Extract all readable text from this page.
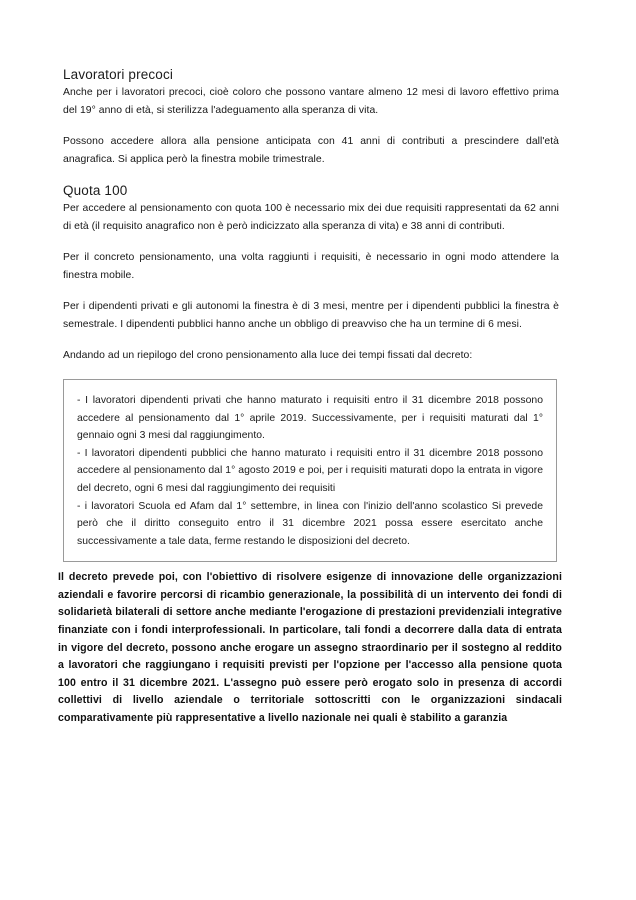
Lavoratori precoci

Anche per i lavoratori precoci, cioè coloro che possono vantare almeno 12 mesi di lavoro effettivo prima del 19° anno di età, si sterilizza l'adeguamento alla speranza di vita.

Possono accedere allora alla pensione anticipata con 41 anni di contributi a prescindere dall'età anagrafica. Si applica però la finestra mobile trimestrale.

Quota 100

Per accedere al pensionamento con quota 100 è necessario mix dei due requisiti rappresentati da 62 anni di età (il requisito anagrafico non è però indicizzato alla speranza di vita) e 38 anni di contributi.

Per il concreto pensionamento, una volta raggiunti i requisiti, è necessario in ogni modo attendere la finestra mobile.

Per i dipendenti privati e gli autonomi la finestra è di 3 mesi, mentre per i dipendenti pubblici la finestra è semestrale. I dipendenti pubblici hanno anche un obbligo di preavviso che ha un termine di 6 mesi.

Andando ad un riepilogo del crono pensionamento alla luce dei tempi fissati dal decreto:

- I lavoratori dipendenti privati che hanno maturato i requisiti entro il 31 dicembre 2018 possono accedere al pensionamento dal 1° aprile 2019. Successivamente, per i requisiti maturati dal 1° gennaio ogni 3 mesi dal raggiungimento.

- I lavoratori dipendenti pubblici che hanno maturato i requisiti entro il 31 dicembre 2018 possono accedere al pensionamento dal 1° agosto 2019 e poi, per i requisiti maturati dopo la entrata in vigore del decreto, ogni 6 mesi dal raggiungimento dei requisiti

- i lavoratori Scuola ed Afam dal 1° settembre, in linea con l'inizio dell'anno scolastico Si prevede però che il diritto conseguito entro il 31 dicembre 2021 possa essere esercitato anche successivamente a tale data, ferme restando le disposizioni del decreto.

Il decreto prevede poi, con l'obiettivo di risolvere esigenze di innovazione delle organizzazioni aziendali e favorire percorsi di ricambio generazionale, la possibilità di un intervento dei fondi di solidarietà bilaterali di settore anche mediante l'erogazione di prestazioni previdenziali integrative finanziate con i fondi interprofessionali. In particolare, tali fondi a decorrere dalla data di entrata in vigore del decreto, possono anche erogare un assegno straordinario per il sostegno al reddito a lavoratori che raggiungano i requisiti previsti per l'opzione per l'accesso alla pensione quota 100 entro il 31 dicembre 2021. L'assegno può essere però erogato solo in presenza di accordi collettivi di livello aziendale o territoriale sottoscritti con le organizzazioni sindacali comparativamente più rappresentative a livello nazionale nei quali è stabilito a garanzia
